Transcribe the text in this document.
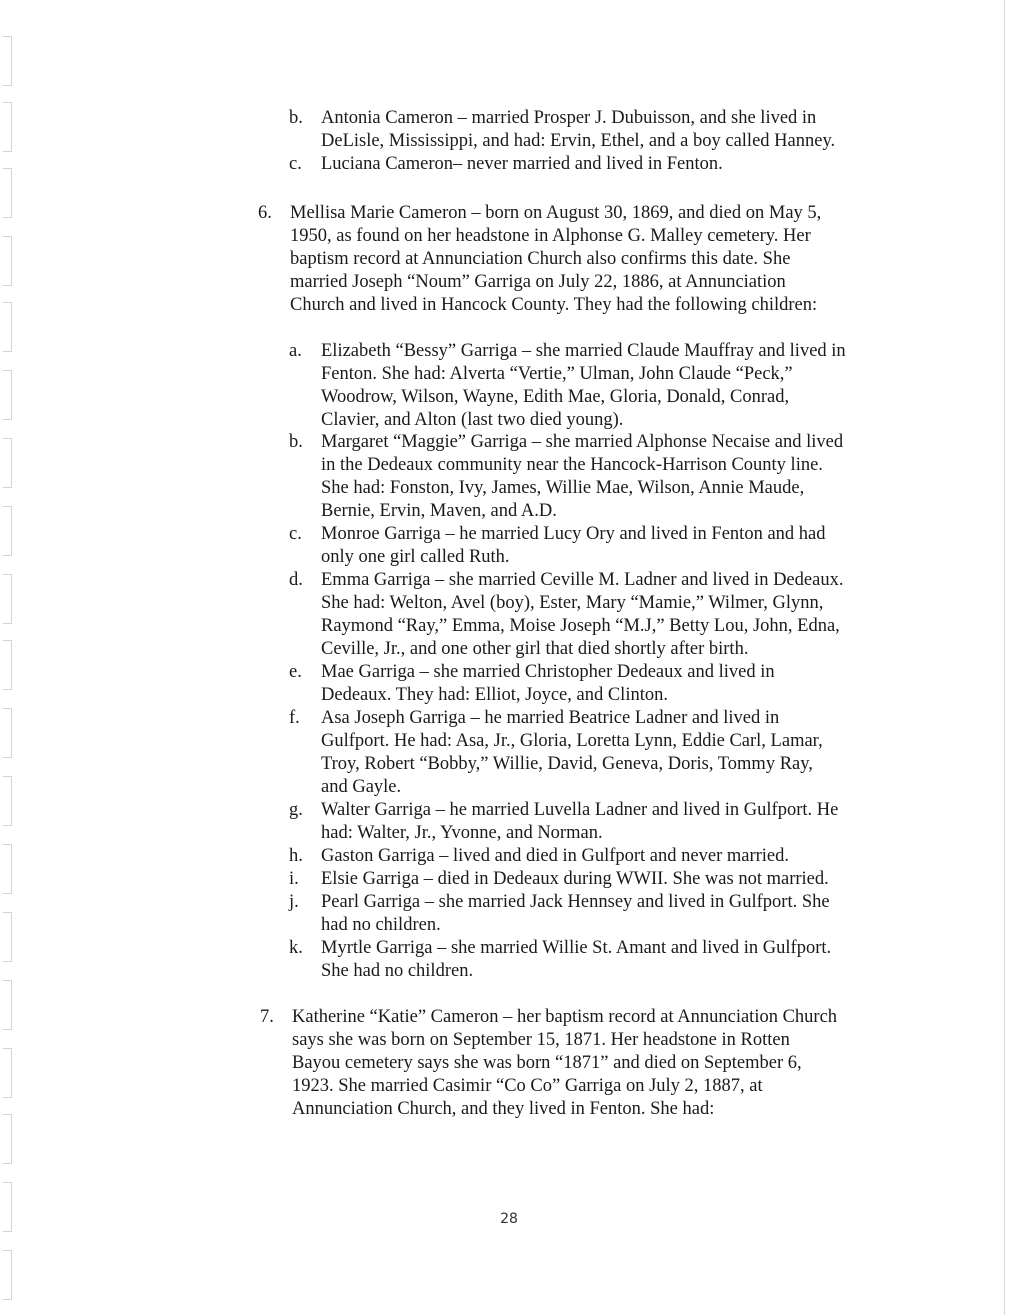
b. Antonia Cameron – married Prosper J. Dubuisson, and she lived in
DeLisle, Mississippi, and had: Ervin, Ethel, and a boy called Hanney.
c. Luciana Cameron– never married and lived in Fenton.
6. Mellisa Marie Cameron – born on August 30, 1869, and died on May 5,
1950, as found on her headstone in Alphonse G. Malley cemetery. Her
baptism record at Annunciation Church also confirms this date. She
married Joseph “Noum” Garriga on July 22, 1886, at Annunciation
Church and lived in Hancock County. They had the following children:
a. Elizabeth “Bessy” Garriga – she married Claude Mauffray and lived in
Fenton. She had: Alverta “Vertie,” Ulman, John Claude “Peck,”
Woodrow, Wilson, Wayne, Edith Mae, Gloria, Donald, Conrad,
Clavier, and Alton (last two died young).
b. Margaret “Maggie” Garriga – she married Alphonse Necaise and lived
in the Dedeaux community near the Hancock-Harrison County line.
She had: Fonston, Ivy, James, Willie Mae, Wilson, Annie Maude,
Bernie, Ervin, Maven, and A.D.
c. Monroe Garriga – he married Lucy Ory and lived in Fenton and had
only one girl called Ruth.
d. Emma Garriga – she married Ceville M. Ladner and lived in Dedeaux.
She had: Welton, Avel (boy), Ester, Mary “Mamie,” Wilmer, Glynn,
Raymond “Ray,” Emma, Moise Joseph “M.J,” Betty Lou, John, Edna,
Ceville, Jr., and one other girl that died shortly after birth.
e. Mae Garriga – she married Christopher Dedeaux and lived in
Dedeaux. They had: Elliot, Joyce, and Clinton.
f. Asa Joseph Garriga – he married Beatrice Ladner and lived in
Gulfport. He had: Asa, Jr., Gloria, Loretta Lynn, Eddie Carl, Lamar,
Troy, Robert “Bobby,” Willie, David, Geneva, Doris, Tommy Ray,
and Gayle.
g. Walter Garriga – he married Luvella Ladner and lived in Gulfport. He
had: Walter, Jr., Yvonne, and Norman.
h. Gaston Garriga – lived and died in Gulfport and never married.
i. Elsie Garriga – died in Dedeaux during WWII. She was not married.
j. Pearl Garriga – she married Jack Hennsey and lived in Gulfport. She
had no children.
k. Myrtle Garriga – she married Willie St. Amant and lived in Gulfport.
She had no children.
7. Katherine “Katie” Cameron – her baptism record at Annunciation Church
says she was born on September 15, 1871. Her headstone in Rotten
Bayou cemetery says she was born “1871” and died on September 6,
1923. She married Casimir “Co Co” Garriga on July 2, 1887, at
Annunciation Church, and they lived in Fenton. She had:
28
